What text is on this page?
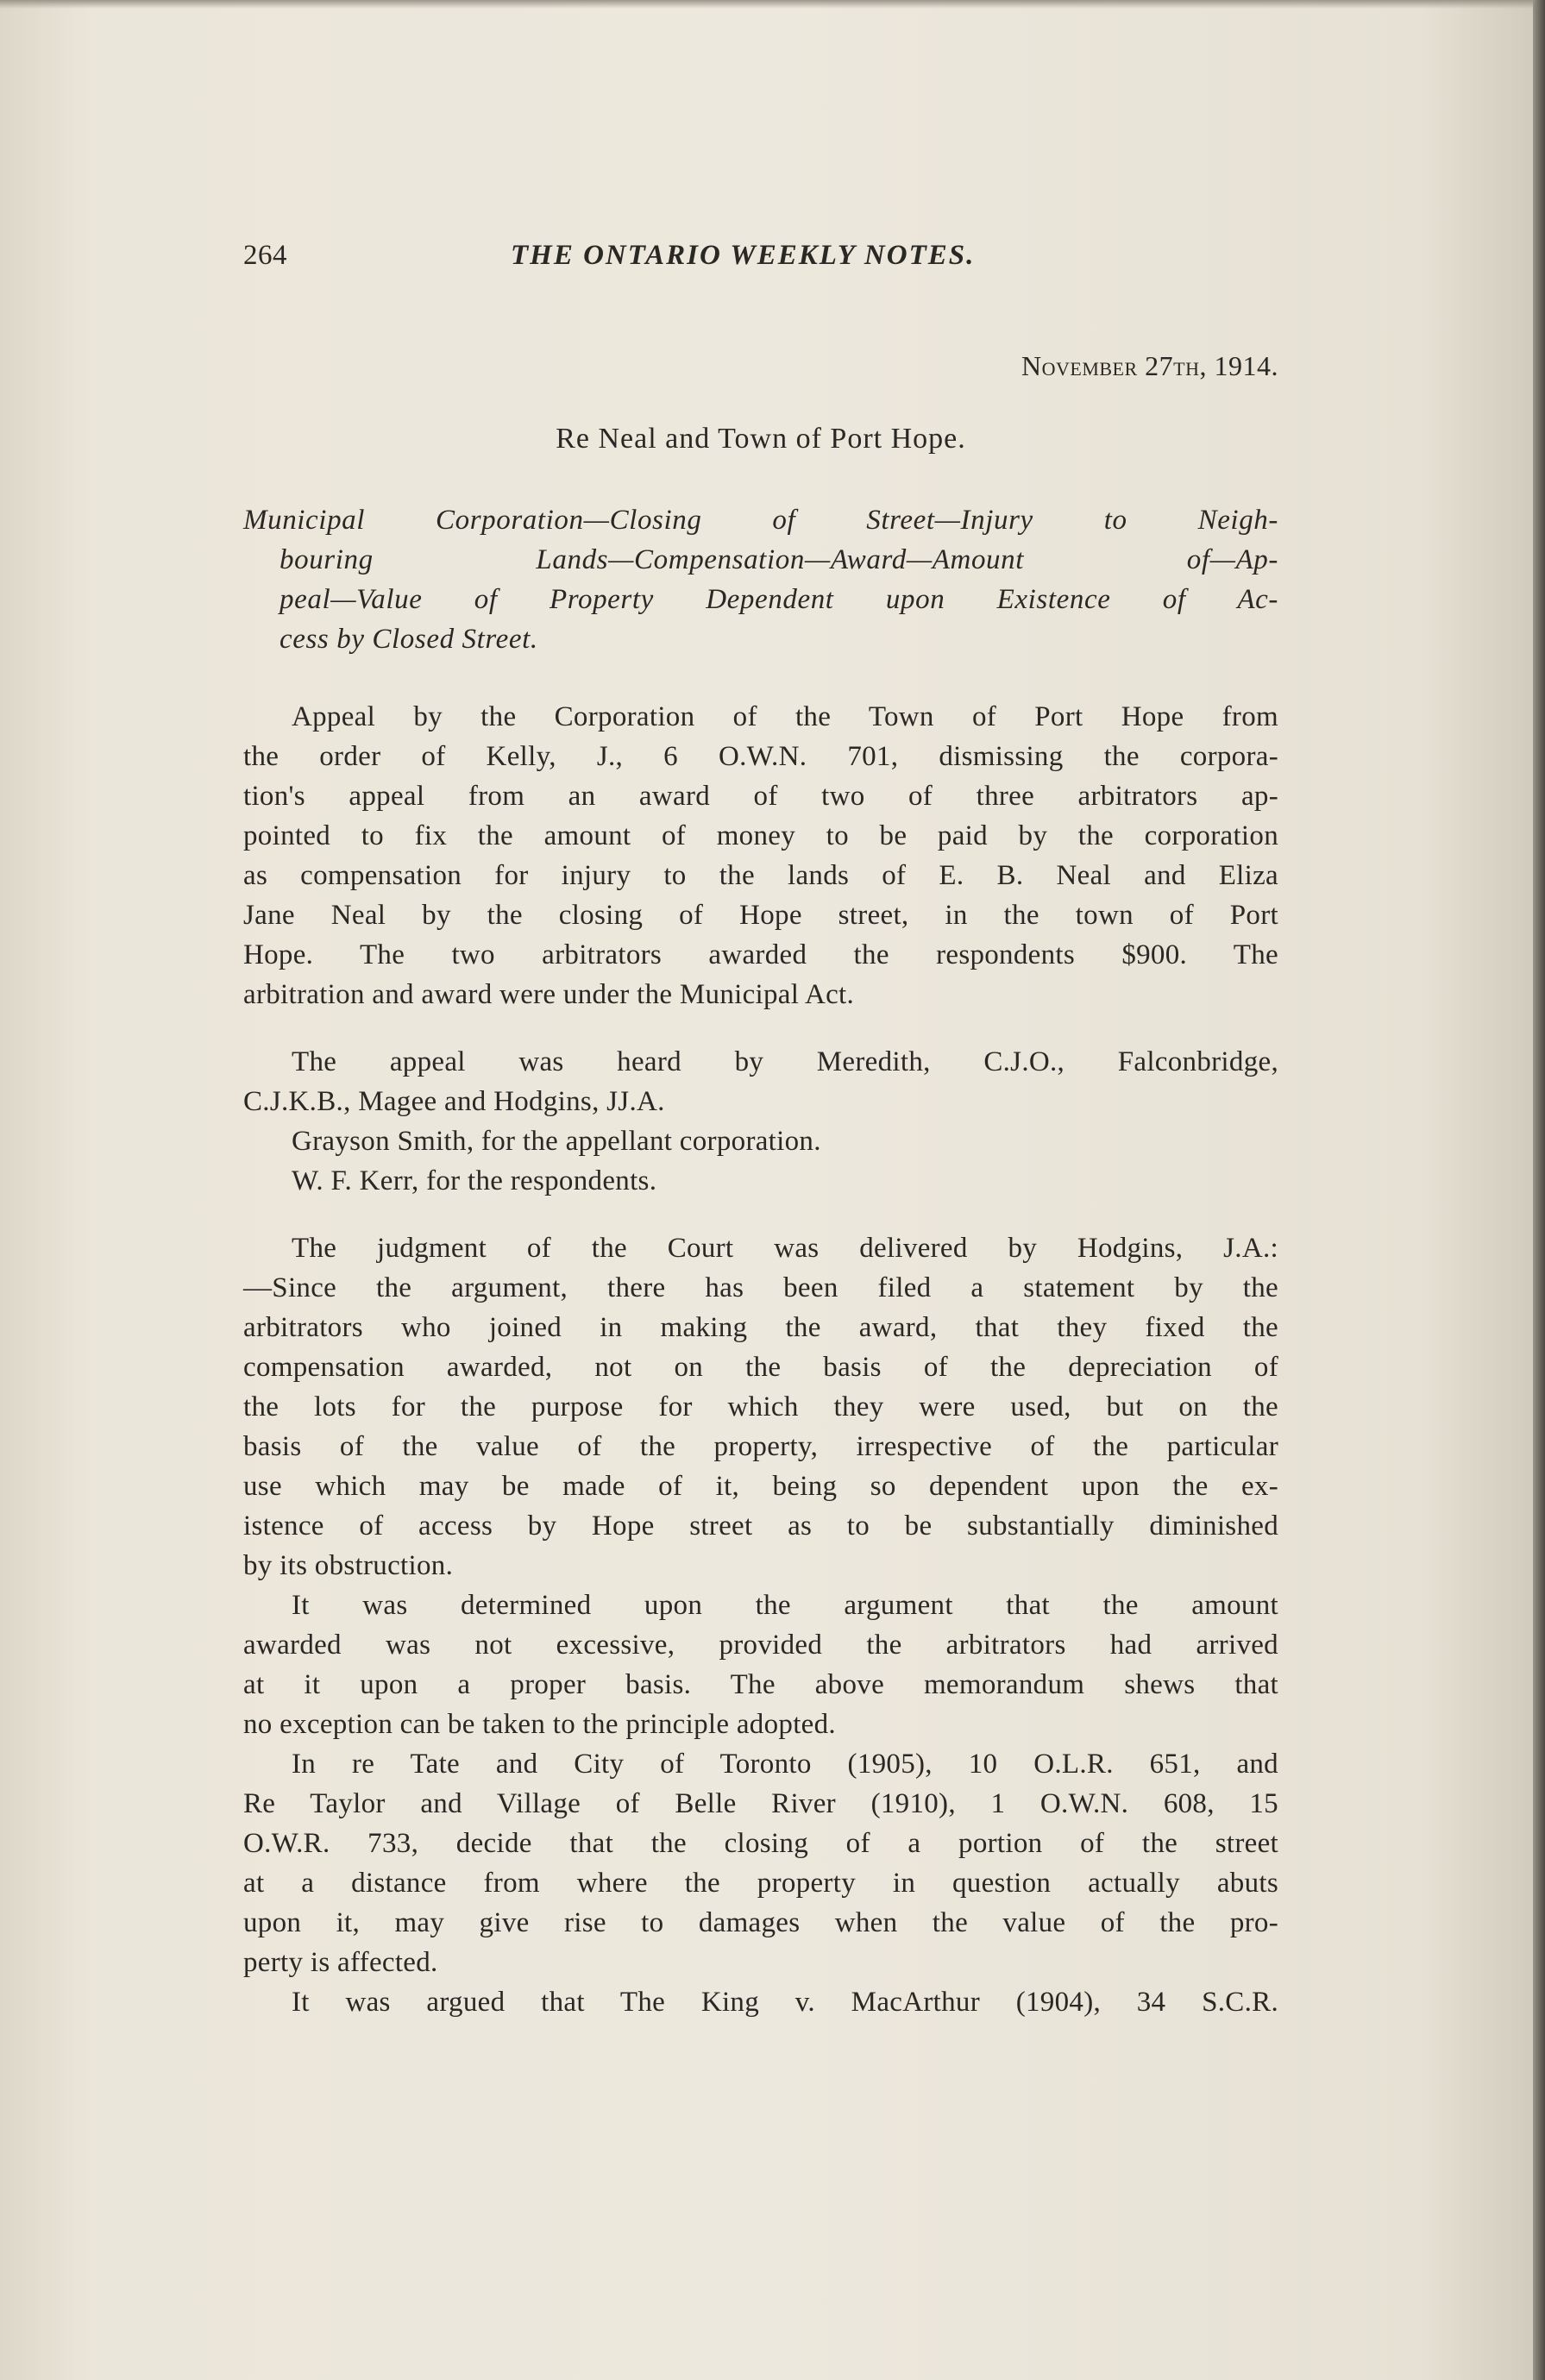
264	THE ONTARIO WEEKLY NOTES.
November 27th, 1914.
Re Neal and Town of Port Hope.
Municipal Corporation—Closing of Street—Injury to Neigh-
bouring Lands—Compensation—Award—Amount of—Ap-
peal—Value of Property Dependent upon Existence of Ac-
cess by Closed Street.
Appeal by the Corporation of the Town of Port Hope from
the order of Kelly, J., 6 O.W.N. 701, dismissing the corpora-
tion's appeal from an award of two of three arbitrators ap-
pointed to fix the amount of money to be paid by the corporation
as compensation for injury to the lands of E. B. Neal and Eliza
Jane Neal by the closing of Hope street, in the town of Port
Hope. The two arbitrators awarded the respondents $900. The
arbitration and award were under the Municipal Act.
The appeal was heard by Meredith, C.J.O., Falconbridge,
C.J.K.B., Magee and Hodgins, JJ.A.
Grayson Smith, for the appellant corporation.
W. F. Kerr, for the respondents.
The judgment of the Court was delivered by Hodgins, J.A.:
—Since the argument, there has been filed a statement by the
arbitrators who joined in making the award, that they fixed the
compensation awarded, not on the basis of the depreciation of
the lots for the purpose for which they were used, but on the
basis of the value of the property, irrespective of the particular
use which may be made of it, being so dependent upon the ex-
istence of access by Hope street as to be substantially diminished
by its obstruction.
It was determined upon the argument that the amount
awarded was not excessive, provided the arbitrators had arrived
at it upon a proper basis. The above memorandum shews that
no exception can be taken to the principle adopted.
In re Tate and City of Toronto (1905), 10 O.L.R. 651, and
Re Taylor and Village of Belle River (1910), 1 O.W.N. 608, 15
O.W.R. 733, decide that the closing of a portion of the street
at a distance from where the property in question actually abuts
upon it, may give rise to damages when the value of the pro-
perty is affected.
It was argued that The King v. MacArthur (1904), 34 S.C.R.
